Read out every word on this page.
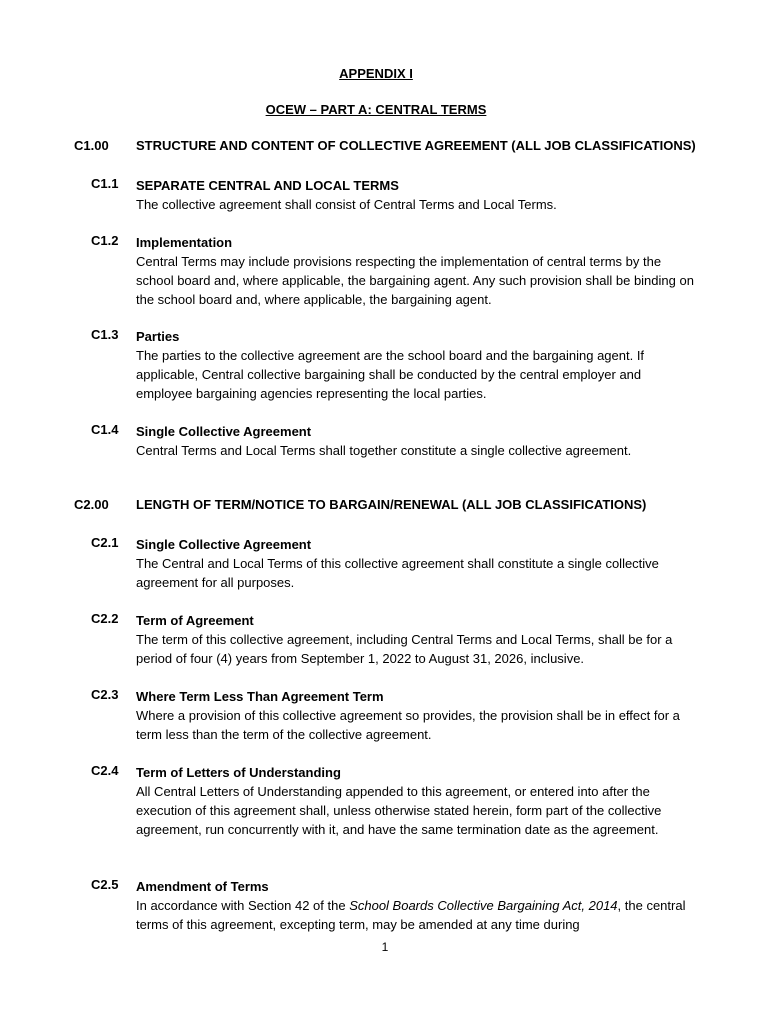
APPENDIX I
OCEW – PART A: CENTRAL TERMS
C1.00 STRUCTURE AND CONTENT OF COLLECTIVE AGREEMENT (ALL JOB CLASSIFICATIONS)
C1.1 SEPARATE CENTRAL AND LOCAL TERMS
The collective agreement shall consist of Central Terms and Local Terms.
C1.2 Implementation
Central Terms may include provisions respecting the implementation of central terms by the school board and, where applicable, the bargaining agent. Any such provision shall be binding on the school board and, where applicable, the bargaining agent.
C1.3 Parties
The parties to the collective agreement are the school board and the bargaining agent. If applicable, Central collective bargaining shall be conducted by the central employer and employee bargaining agencies representing the local parties.
C1.4 Single Collective Agreement
Central Terms and Local Terms shall together constitute a single collective agreement.
C2.00 LENGTH OF TERM/NOTICE TO BARGAIN/RENEWAL (ALL JOB CLASSIFICATIONS)
C2.1 Single Collective Agreement
The Central and Local Terms of this collective agreement shall constitute a single collective agreement for all purposes.
C2.2 Term of Agreement
The term of this collective agreement, including Central Terms and Local Terms, shall be for a period of four (4) years from September 1, 2022 to August 31, 2026, inclusive.
C2.3 Where Term Less Than Agreement Term
Where a provision of this collective agreement so provides, the provision shall be in effect for a term less than the term of the collective agreement.
C2.4 Term of Letters of Understanding
All Central Letters of Understanding appended to this agreement, or entered into after the execution of this agreement shall, unless otherwise stated herein, form part of the collective agreement, run concurrently with it, and have the same termination date as the agreement.
C2.5 Amendment of Terms
In accordance with Section 42 of the School Boards Collective Bargaining Act, 2014, the central terms of this agreement, excepting term, may be amended at any time during
1
